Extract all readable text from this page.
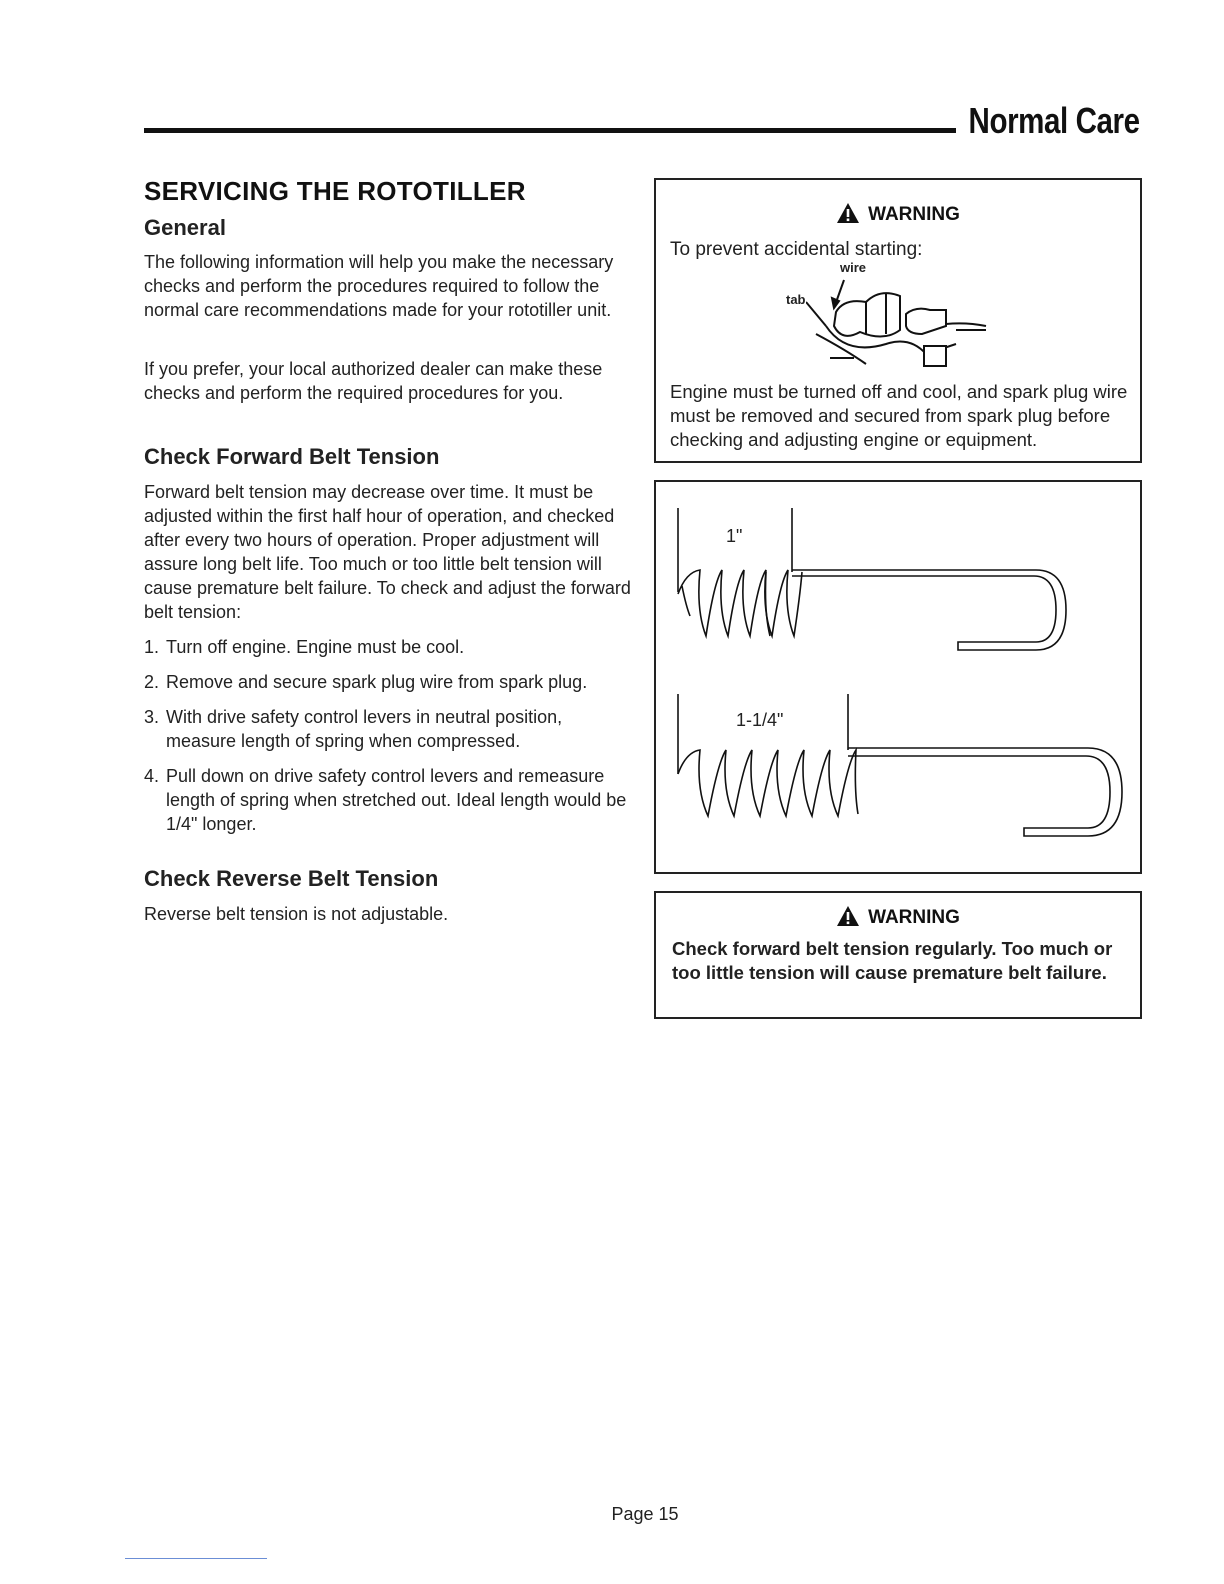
Normal Care
SERVICING THE ROTOTILLER
General

The following information will help you make the necessary checks and perform the procedures required to follow the normal care recommendations made for your rototiller unit.

If you prefer, your local authorized dealer can make these checks and perform the required procedures for you.

Check Forward Belt Tension

Forward belt tension may decrease over time. It must be adjusted within the first half hour of operation, and checked after every two hours of operation. Proper adjustment will assure long belt life. Too much or too little belt tension will cause premature belt failure. To check and adjust the forward belt tension:

1. Turn off engine. Engine must be cool.
2. Remove and secure spark plug wire from spark plug.
3. With drive safety control levers in neutral position, measure length of spring when compressed.
4. Pull down on drive safety control levers and remeasure length of spring when stretched out. Ideal length would be 1/4" longer.
Check Reverse Belt Tension

Reverse belt tension is not adjustable.

WARNING
To prevent accidental starting:
wire
tab
Engine must be turned off and cool, and spark plug wire must be removed and secured from spark plug before checking and adjusting engine or equipment.
1"
1-1/4"
WARNING
Check forward belt tension regularly. Too much or too little tension will cause premature belt failure.
Page 15
